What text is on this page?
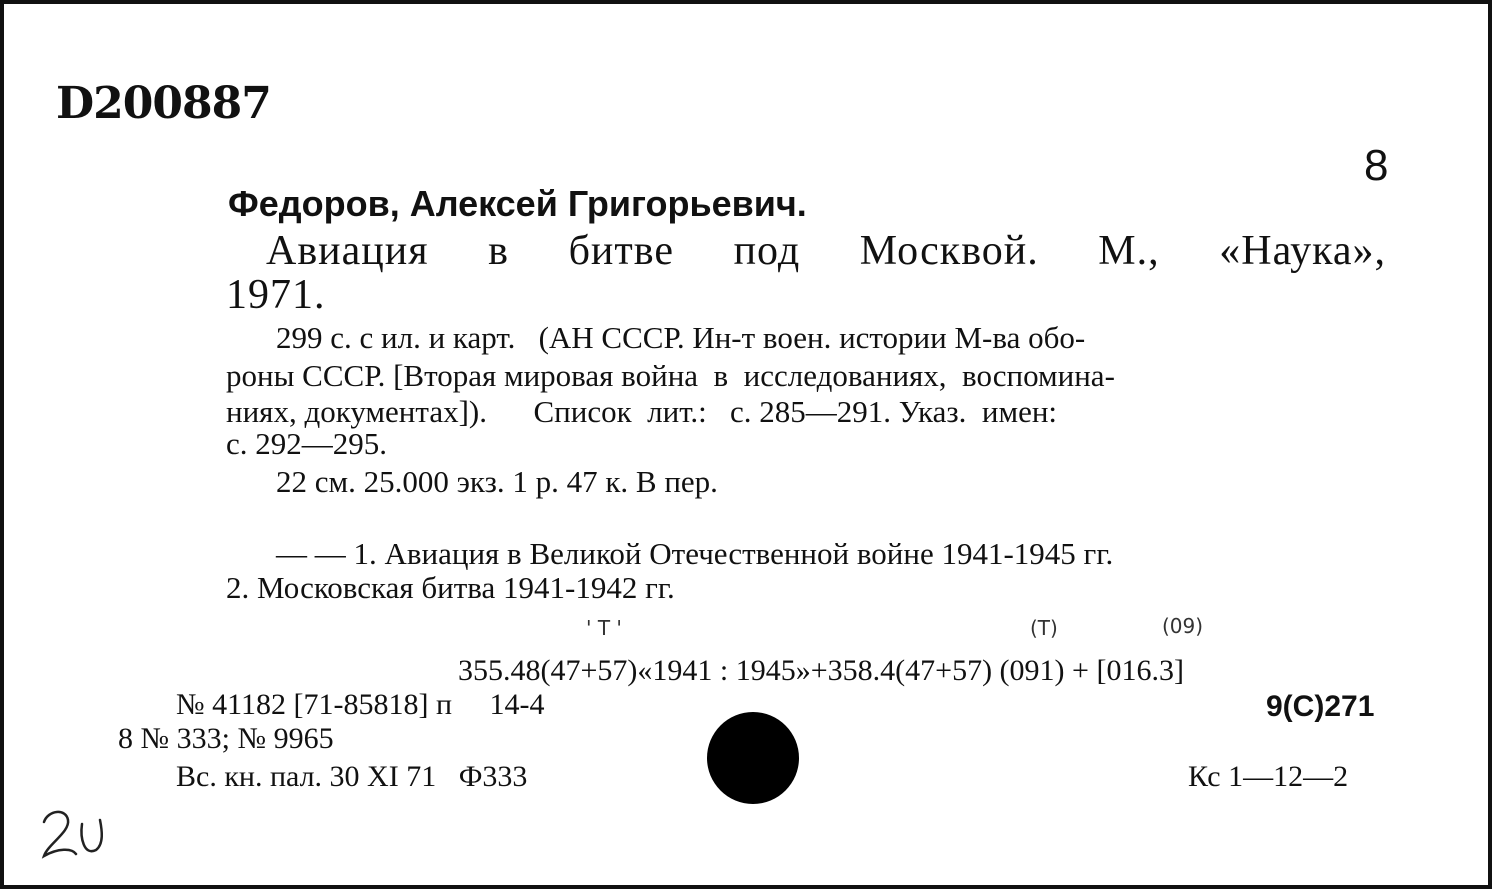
D200887
8
Федоров, Алексей Григорьевич.
Авиация в битве под Москвой. М., «Наука»,
1971.
299 с. с ил. и карт.   (АН СССР. Ин-т воен. истории М-ва обо-
роны СССР. [Вторая мировая война  в  исследованиях,  воспомина-
ниях, документах]).      Список  лит.:   с. 285—291. Указ.  имен:
с. 292—295.
22 см. 25.000 экз. 1 р. 47 к. В пер.
— — 1. Авиация в Великой Отечественной войне 1941-1945 гг.
2. Московская битва 1941-1942 гг.
' T '	(T)	(09)
355.48(47+57)«1941 : 1945»+358.4(47+57) (091) + [016.3]
№ 41182 [71-85818] п     14-4	9(C)271
8 № 333; № 9965
Вс. кн. пал. 30 XI 71   Ф333	Кс 1—12—2
